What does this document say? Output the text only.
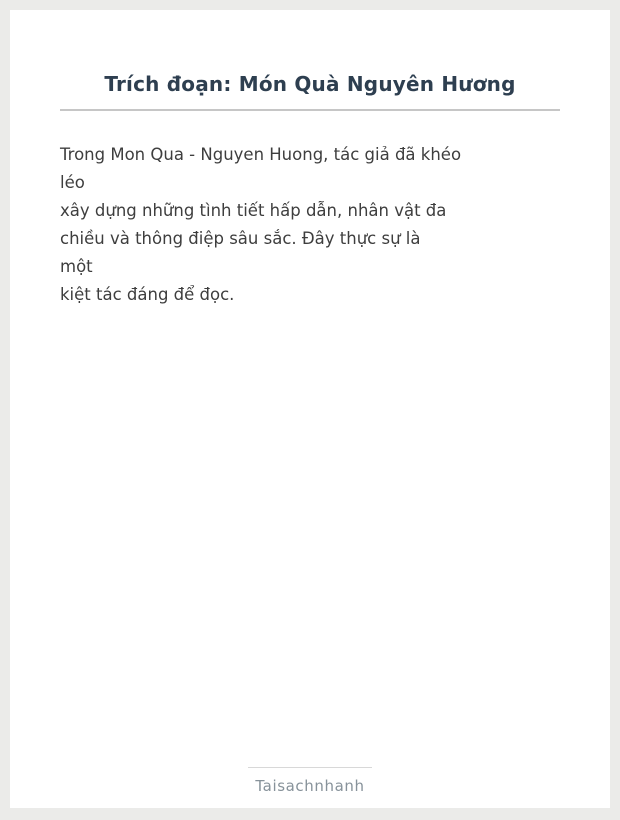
Trích đoạn: Món Quà Nguyên Hương
Trong Mon Qua - Nguyen Huong, tác giả đã khéo
léo
xây dựng những tình tiết hấp dẫn, nhân vật đa
chiều và thông điệp sâu sắc. Đây thực sự là
một
kiệt tác đáng để đọc.
Taisachnhanh
